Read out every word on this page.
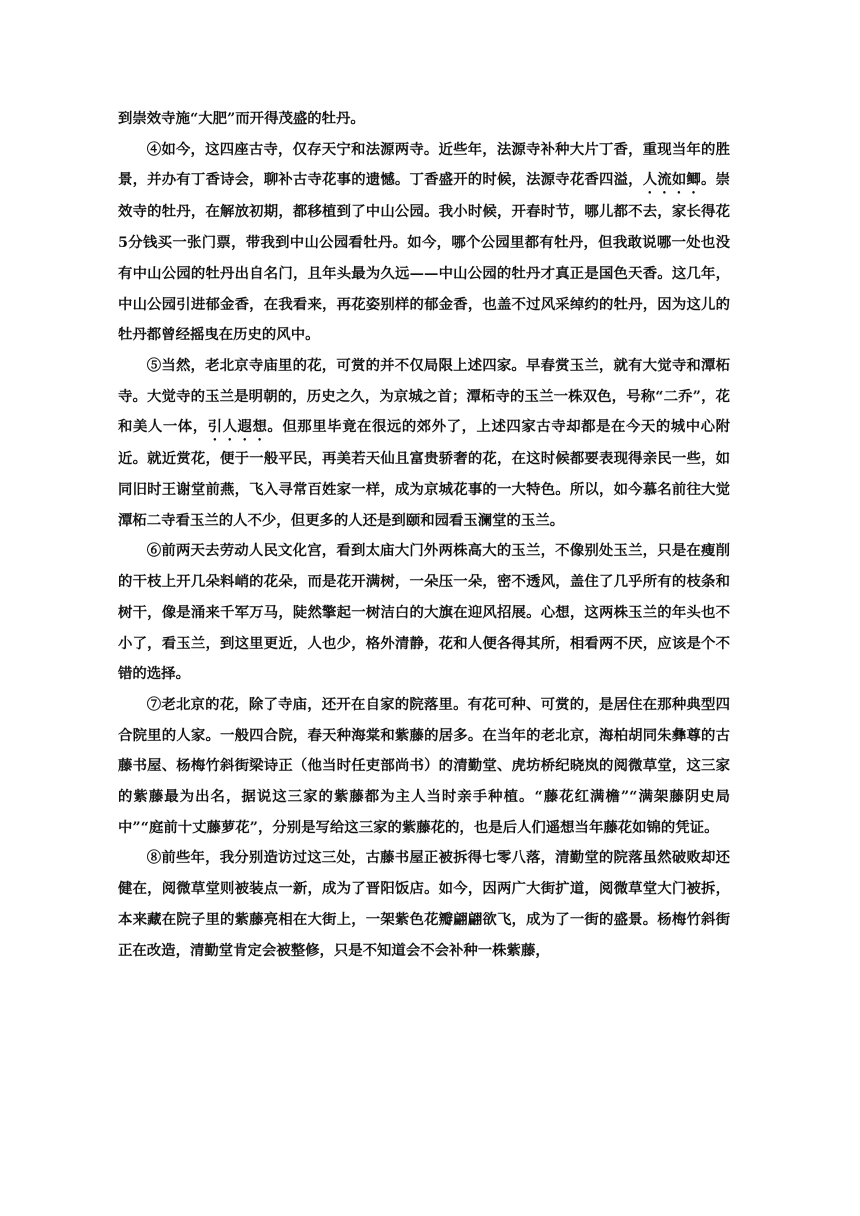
到崇效寺施“大肥”而开得茂盛的牡丹。

④如今，这四座古寺，仅存天宁和法源两寺。近些年，法源寺补种大片丁香，重现当年的胜景，并办有丁香诗会，聊补古寺花事的遗憾。丁香盛开的时候，法源寺花香四溢，人流如鲫。崇效寺的牡丹，在解放初期，都移植到了中山公园。我小时候，开春时节，哪儿都不去，家长得花5分钱买一张门票，带我到中山公园看牡丹。如今，哪个公园里都有牡丹，但我敢说哪一处也没有中山公园的牡丹出自名门，且年头最为久远——中山公园的牡丹才真正是国色天香。这几年，中山公园引进郁金香，在我看来，再花姿别样的郁金香，也盖不过风采绰约的牡丹，因为这儿的牡丹都曾经摇曳在历史的风中。

⑤当然，老北京寺庙里的花，可赏的并不仅局限上述四家。早春赏玉兰，就有大觉寺和潭柘寺。大觉寺的玉兰是明朝的，历史之久，为京城之首；潭柘寺的玉兰一株双色，号称“二乔”，花和美人一体，引人遐想。但那里毕竟在很远的郊外了，上述四家古寺却都是在今天的城中心附近。就近赏花，便于一般平民，再美若天仙且富贵骄奢的花，在这时候都要表现得亲民一些，如同旧时王谢堂前燕，飞入寻常百姓家一样，成为京城花事的一大特色。所以，如今慕名前往大觉潭柘二寺看玉兰的人不少，但更多的人还是到颐和园看玉澜堂的玉兰。

⑥前两天去劳动人民文化宫，看到太庙大门外两株高大的玉兰，不像别处玉兰，只是在瘦削的干枝上开几朵料峭的花朵，而是花开满树，一朵压一朵，密不透风，盖住了几乎所有的枝条和树干，像是涌来千军万马，陡然擎起一树洁白的大旗在迎风招展。心想，这两株玉兰的年头也不小了，看玉兰，到这里更近，人也少，格外清静，花和人便各得其所，相看两不厌，应该是个不错的选择。

⑦老北京的花，除了寺庙，还开在自家的院落里。有花可种、可赏的，是居住在那种典型四合院里的人家。一般四合院，春天种海棠和紫藤的居多。在当年的老北京，海柏胡同朱彝尊的古藤书屋、杨梅竹斜街梁诗正（他当时任吏部尚书）的清勤堂、虎坊桥纪晓岚的阅微草堂，这三家的紫藤最为出名，据说这三家的紫藤都为主人当时亲手种植。“藤花红满檐”“满架藤阴史局中”“庭前十丈藤萝花”，分别是写给这三家的紫藤花的，也是后人们遥想当年藤花如锦的凭证。

⑧前些年，我分别造访过这三处，古藤书屋正被拆得七零八落，清勤堂的院落虽然破败却还健在，阅微草堂则被装点一新，成为了晋阳饭店。如今，因两广大街扩道，阅微草堂大门被拆，本来藏在院子里的紫藤亮相在大街上，一架紫色花瓣翩翩欲飞，成为了一街的盛景。杨梅竹斜街正在改造，清勤堂肯定会被整修，只是不知道会不会补种一株紫藤，
